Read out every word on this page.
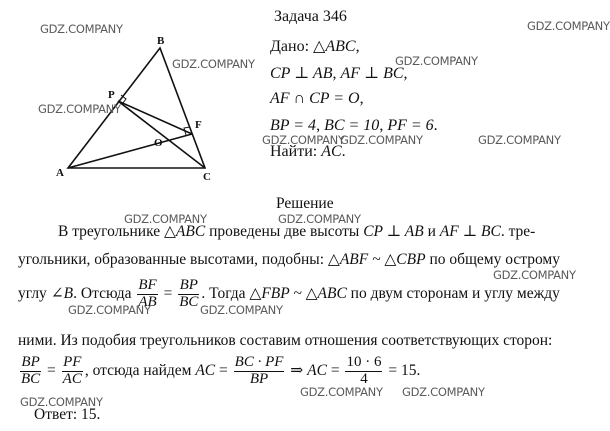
B
P
F
O
A	C
Задача 346
Дано: △ABC,
CP ⊥ AB, AF ⊥ BC,
AF ∩ CP = O,
BP = 4, BC = 10, PF = 6.
Найти: AC.
Решение
В треугольнике △ABC проведены две высоты CP ⊥ AB и AF ⊥ BC. тре-
угольники, образованные высотами, подобны: △ABF ~ △CBP по общему острому
углу ∠B. Отсюда $\frac{BF}{AB} = \frac{BP}{BC}$ . Тогда △FBP ~ △ABC по двум сторонам и углу между
ними. Из подобия треугольников составим отношения соответствующих сторон:
$\frac{BP}{BC} = \frac{PF}{AC}$ , отсюда найдем AC = $\frac{BC \cdot PF}{BP}$ ⇒ AC = $\frac{10 \cdot 6}{4} = 15$.
Ответ: 15.
GDZ.COMPANY	GDZ.COMPANY
GDZ.COMPANY	GDZ.COMPANY
GDZ.COMPANY
GDZ.COMPANY
GDZ.COMPANY	GDZ.COMPANY
GDZ.COMPANY	GDZ.COMPANY
GDZ.COMPANY
GDZ.COMPANY	GDZ.COMPANY
GDZ.COMPANY
GDZ.COMPANY GDZ.COMPANY
